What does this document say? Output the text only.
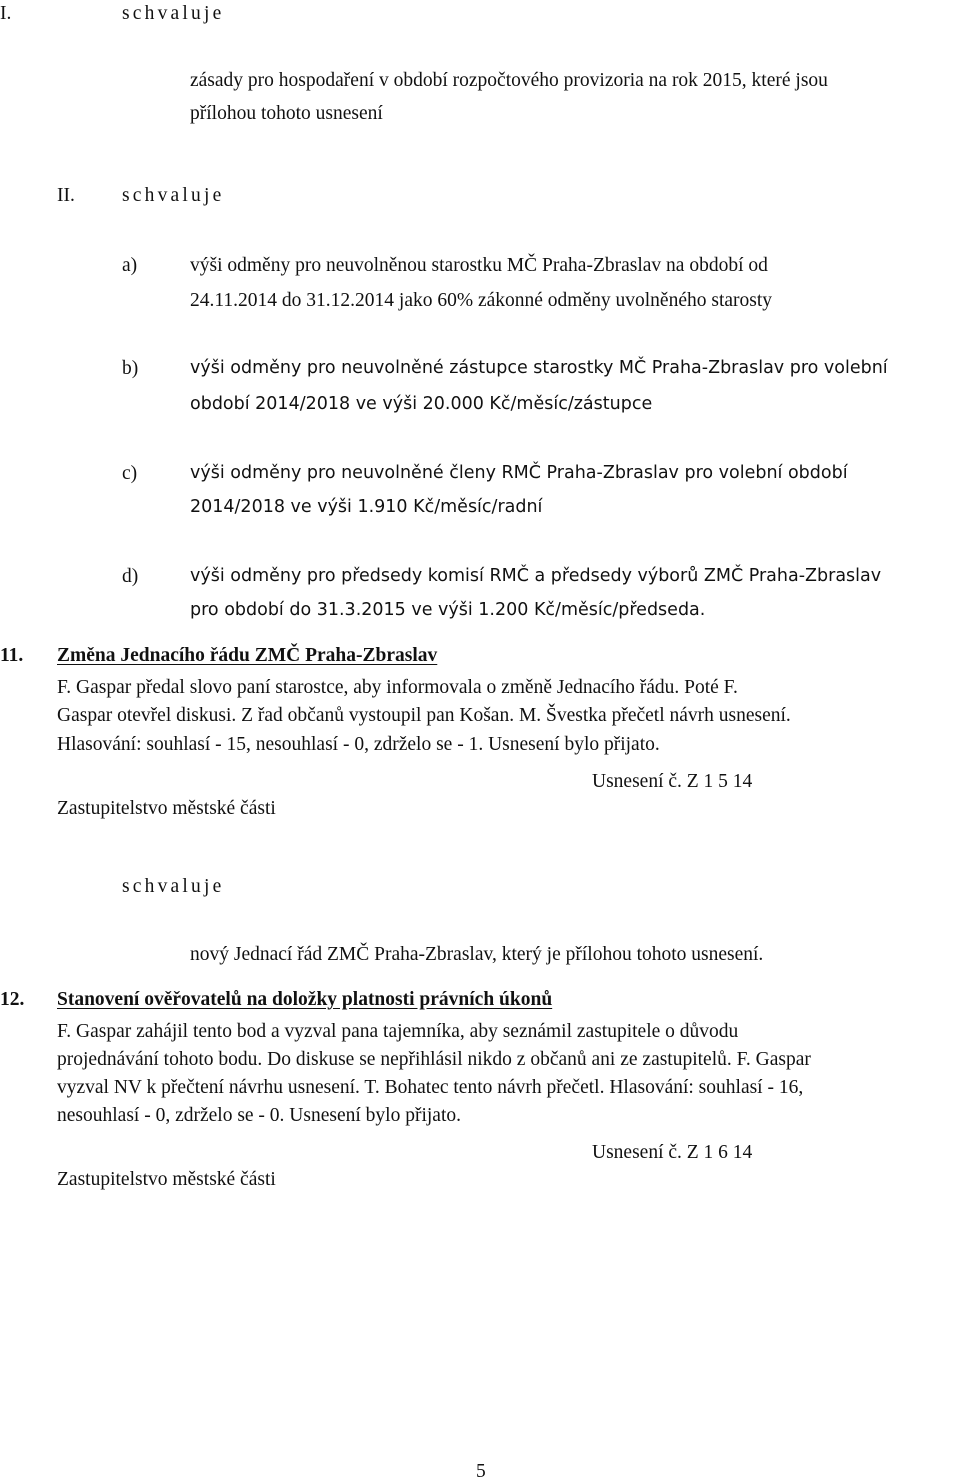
I.	schvaluje
zásady pro hospodaření v období rozpočtového provizoria na rok 2015, které jsou
přílohou tohoto usnesení
II. schvaluje
a)	výši odměny pro neuvolněnou starostku MČ Praha-Zbraslav na období od
24.11.2014 do 31.12.2014 jako 60% zákonné odměny uvolněného starosty
b)	výši odměny pro neuvolněné zástupce starostky MČ Praha-Zbraslav pro volební
období 2014/2018 ve výši 20.000 Kč/měsíc/zástupce
c)	výši odměny pro neuvolněné členy RMČ Praha-Zbraslav pro volební období
2014/2018 ve výši 1.910 Kč/měsíc/radní
d)	výši odměny pro předsedy komisí RMČ a předsedy výborů ZMČ Praha-Zbraslav
pro období do 31.3.2015 ve výši 1.200 Kč/měsíc/předseda.
11. Změna Jednacího řádu ZMČ Praha-Zbraslav
F. Gaspar předal slovo paní starostce, aby informovala o změně Jednacího řádu. Poté F.
Gaspar otevřel diskusi. Z řad občanů vystoupil pan Košan. M. Švestka přečetl návrh usnesení.
Hlasování: souhlasí - 15, nesouhlasí - 0, zdrželo se - 1. Usnesení bylo přijato.
Usnesení č. Z 1 5 14
Zastupitelstvo městské části
schvaluje
nový Jednací řád ZMČ Praha-Zbraslav, který je přílohou tohoto usnesení.
12. Stanovení ověřovatelů na doložky platnosti právních úkonů
F. Gaspar zahájil tento bod a vyzval pana tajemníka, aby seznámil zastupitele o důvodu
projednávání tohoto bodu. Do diskuse se nepřihlásil nikdo z občanů ani ze zastupitelů. F. Gaspar
vyzval NV k přečtení návrhu usnesení. T. Bohatec tento návrh přečetl. Hlasování: souhlasí - 16,
nesouhlasí - 0, zdrželo se - 0. Usnesení bylo přijato.
Usnesení č. Z 1 6 14
Zastupitelstvo městské části
5
